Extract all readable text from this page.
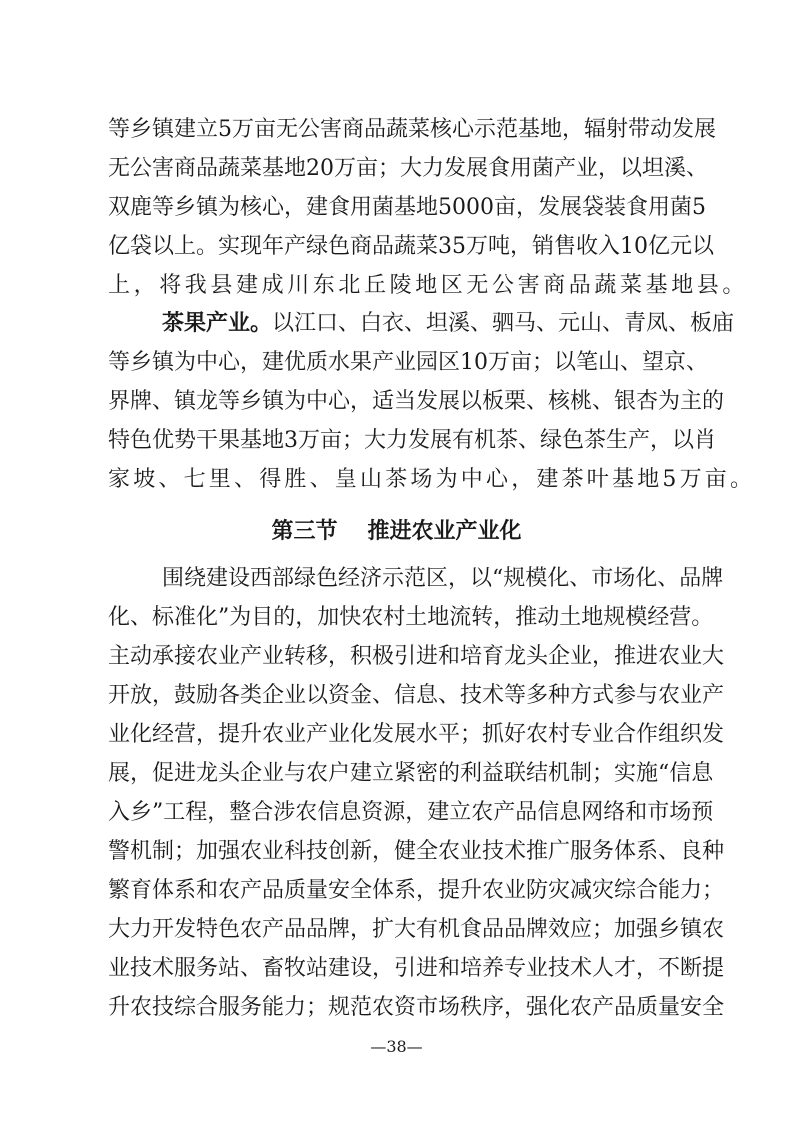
等乡镇建立5万亩无公害商品蔬菜核心示范基地，辐射带动发展
无公害商品蔬菜基地20万亩；大力发展食用菌产业，以坦溪、
双鹿等乡镇为核心，建食用菌基地5000亩，发展袋装食用菌5
亿袋以上。实现年产绿色商品蔬菜35万吨，销售收入10亿元以
上，将我县建成川东北丘陵地区无公害商品蔬菜基地县。
茶果产业。以江口、白衣、坦溪、驷马、元山、青凤、板庙
等乡镇为中心，建优质水果产业园区10万亩；以笔山、望京、
界牌、镇龙等乡镇为中心，适当发展以板栗、核桃、银杏为主的
特色优势干果基地3万亩；大力发展有机茶、绿色茶生产，以肖
家坡、七里、得胜、皇山茶场为中心，建茶叶基地5万亩。
第三节 推进农业产业化
围绕建设西部绿色经济示范区，以“规模化、市场化、品牌
化、标准化”为目的，加快农村土地流转，推动土地规模经营。
主动承接农业产业转移，积极引进和培育龙头企业，推进农业大
开放，鼓励各类企业以资金、信息、技术等多种方式参与农业产
业化经营，提升农业产业化发展水平；抓好农村专业合作组织发
展，促进龙头企业与农户建立紧密的利益联结机制；实施“信息
入乡”工程，整合涉农信息资源，建立农产品信息网络和市场预
警机制；加强农业科技创新，健全农业技术推广服务体系、良种
繁育体系和农产品质量安全体系，提升农业防灾减灾综合能力；
大力开发特色农产品品牌，扩大有机食品品牌效应；加强乡镇农
业技术服务站、畜牧站建设，引进和培养专业技术人才，不断提
升农技综合服务能力；规范农资市场秩序，强化农产品质量安全
—38—
